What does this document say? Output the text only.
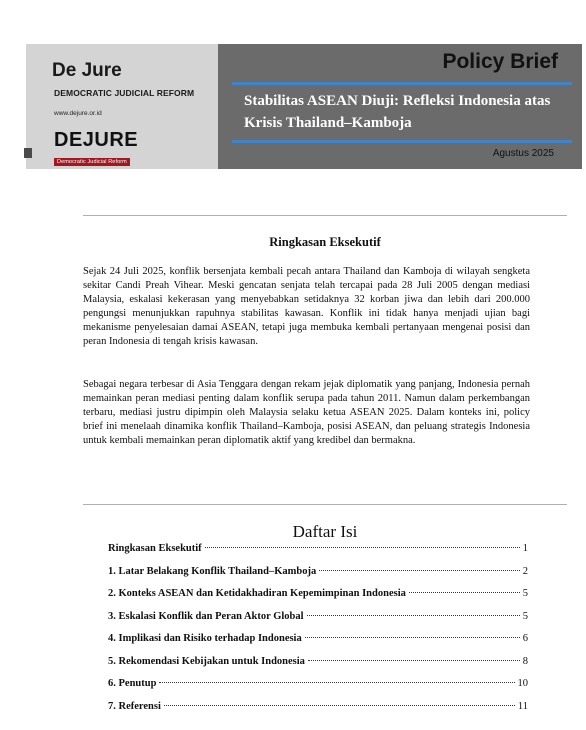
De Jure
DEMOCRATIC JUDICIAL REFORM
www.dejure.or.id
DEJURE
Democratic Judicial Reform
Policy Brief
Stabilitas ASEAN Diuji: Refleksi Indonesia atas Krisis Thailand–Kamboja
Agustus 2025
Ringkasan Eksekutif

Sejak 24 Juli 2025, konflik bersenjata kembali pecah antara Thailand dan Kamboja di wilayah sengketa sekitar Candi Preah Vihear. Meski gencatan senjata telah tercapai pada 28 Juli 2005 dengan mediasi Malaysia, eskalasi kekerasan yang menyebabkan setidaknya 32 korban jiwa dan lebih dari 200.000 pengungsi menunjukkan rapuhnya stabilitas kawasan. Konflik ini tidak hanya menjadi ujian bagi mekanisme penyelesaian damai ASEAN, tetapi juga membuka kembali pertanyaan mengenai posisi dan peran Indonesia di tengah krisis kawasan.

Sebagai negara terbesar di Asia Tenggara dengan rekam jejak diplomatik yang panjang, Indonesia pernah memainkan peran mediasi penting dalam konflik serupa pada tahun 2011. Namun dalam perkembangan terbaru, mediasi justru dipimpin oleh Malaysia selaku ketua ASEAN 2025. Dalam konteks ini, policy brief ini menelaah dinamika konflik Thailand–Kamboja, posisi ASEAN, dan peluang strategis Indonesia untuk kembali memainkan peran diplomatik aktif yang kredibel dan bermakna.

Daftar Isi
Ringkasan Eksekutif	1
1. Latar Belakang Konflik Thailand–Kamboja	2
2. Konteks ASEAN dan Ketidakhadiran Kepemimpinan Indonesia	5
3. Eskalasi Konflik dan Peran Aktor Global	5
4. Implikasi dan Risiko terhadap Indonesia	6
5. Rekomendasi Kebijakan untuk Indonesia	8
6. Penutup	10
7. Referensi	11
